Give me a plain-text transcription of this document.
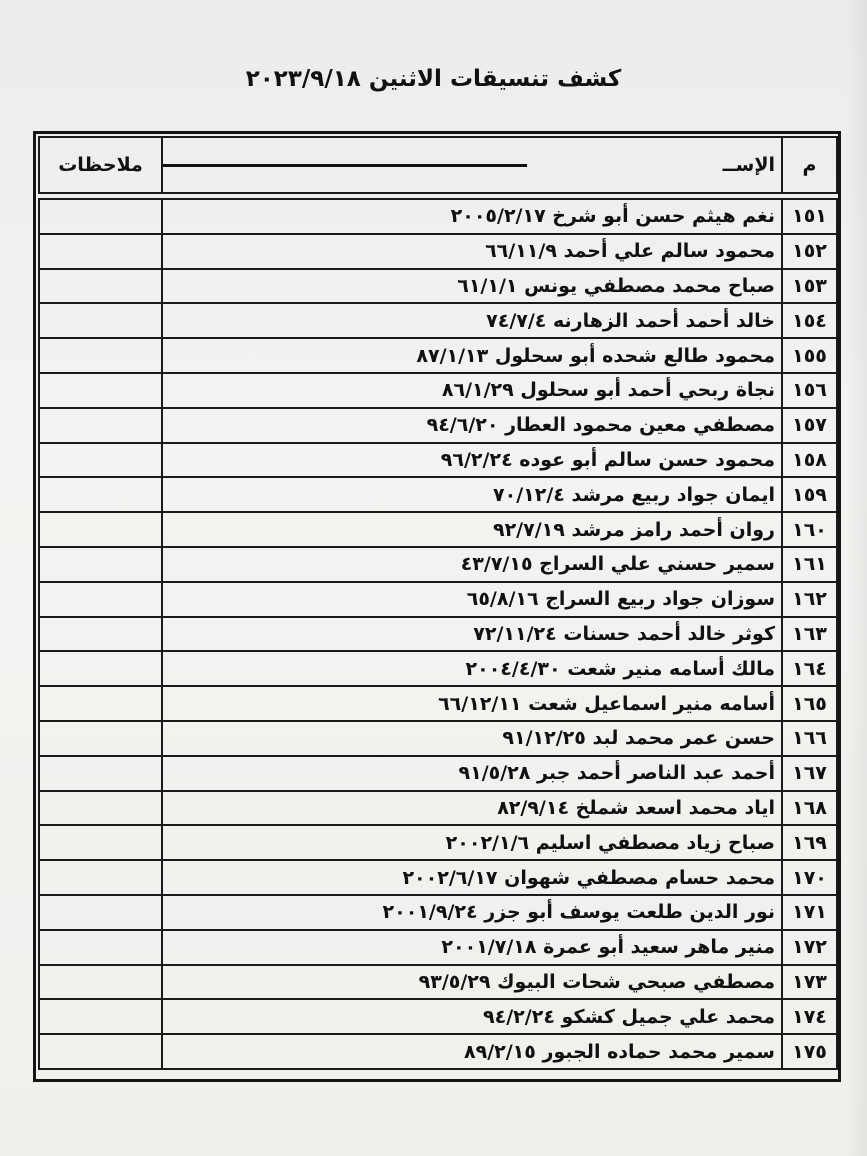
كشف تنسيقات الاثنين ٢٠٢٣/٩/١٨
م	الإســ	ملاحظات

١٥١	نغم هيثم حسن أبو شرخ ٢٠٠٥/٢/١٧	
١٥٢	محمود سالم علي أحمد ٦٦/١١/٩	
١٥٣	صباح محمد مصطفي يونس ٦١/١/١	
١٥٤	خالد أحمد أحمد الزهارنه ٧٤/٧/٤	
١٥٥	محمود طالع شحده أبو سحلول ٨٧/١/١٣	
١٥٦	نجاة ربحي أحمد أبو سحلول ٨٦/١/٢٩	
١٥٧	مصطفي معين محمود العطار ٩٤/٦/٢٠	
١٥٨	محمود حسن سالم أبو عوده ٩٦/٢/٢٤	
١٥٩	ايمان جواد ربيع مرشد ٧٠/١٢/٤	
١٦٠	روان أحمد رامز مرشد ٩٢/٧/١٩	
١٦١	سمير حسني علي السراج ٤٣/٧/١٥	
١٦٢	سوزان جواد ربيع السراج ٦٥/٨/١٦	
١٦٣	كوثر خالد أحمد حسنات ٧٢/١١/٢٤	
١٦٤	مالك أسامه منير شعت ٢٠٠٤/٤/٣٠	
١٦٥	أسامه منير اسماعيل شعت ٦٦/١٢/١١	
١٦٦	حسن عمر محمد لبد ٩١/١٢/٢٥	
١٦٧	أحمد عبد الناصر أحمد جبر ٩١/٥/٢٨	
١٦٨	اياد محمد اسعد شملخ ٨٢/٩/١٤	
١٦٩	صباح زياد مصطفي اسليم ٢٠٠٢/١/٦	
١٧٠	محمد حسام مصطفي شهوان ٢٠٠٢/٦/١٧	
١٧١	نور الدين طلعت يوسف أبو جزر ٢٠٠١/٩/٢٤	
١٧٢	منير ماهر سعيد أبو عمرة ٢٠٠١/٧/١٨	
١٧٣	مصطفي صبحي شحات البيوك ٩٣/٥/٢٩	
١٧٤	محمد علي جميل كشكو ٩٤/٢/٢٤	
١٧٥	سمير محمد حماده الجبور ٨٩/٢/١٥	
